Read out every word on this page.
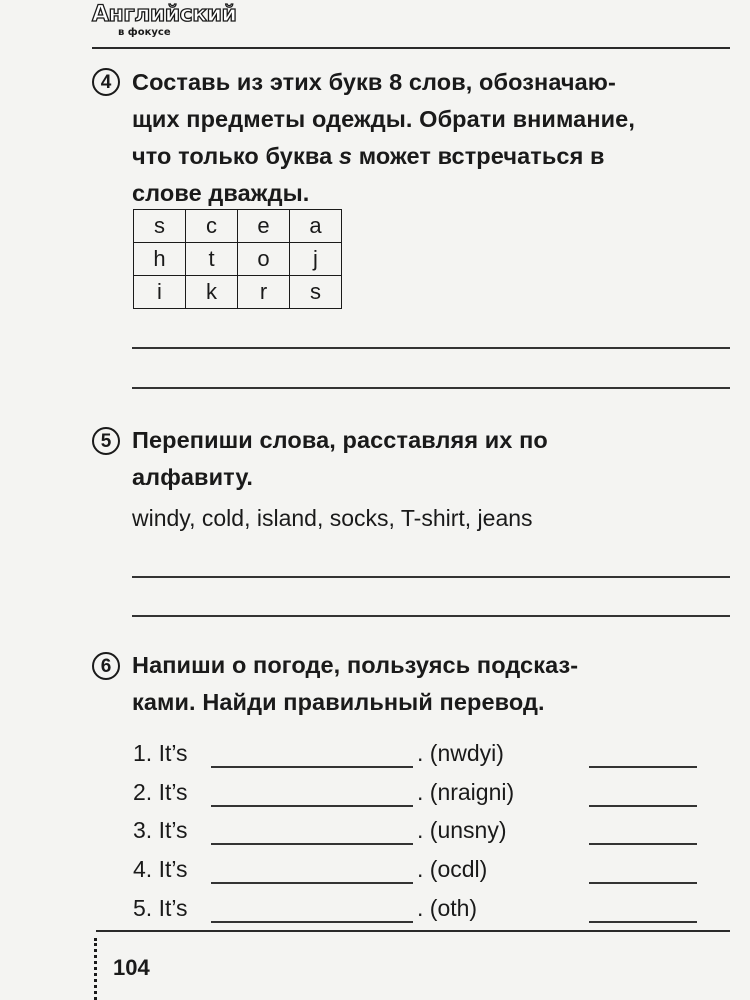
Английский
в фокусе
4 Составь из этих букв 8 слов, обозначаю-

щих предметы одежды. Обрати внимание,

что только буква s может встречаться в

слове дважды.

s	c	e	a
h	t	o	j
i	k	r	s
5 Перепиши слова, расставляя их по

алфавиту.

windy, cold, island, socks, T-shirt, jeans
6 Напиши о погоде, пользуясь подсказ-

ками. Найди правильный перевод.

1. It’s	. (nwdyi)
2. It’s	. (nraigni)
3. It’s	. (unsny)
4. It’s	. (ocdl)
5. It’s	. (oth)
104
